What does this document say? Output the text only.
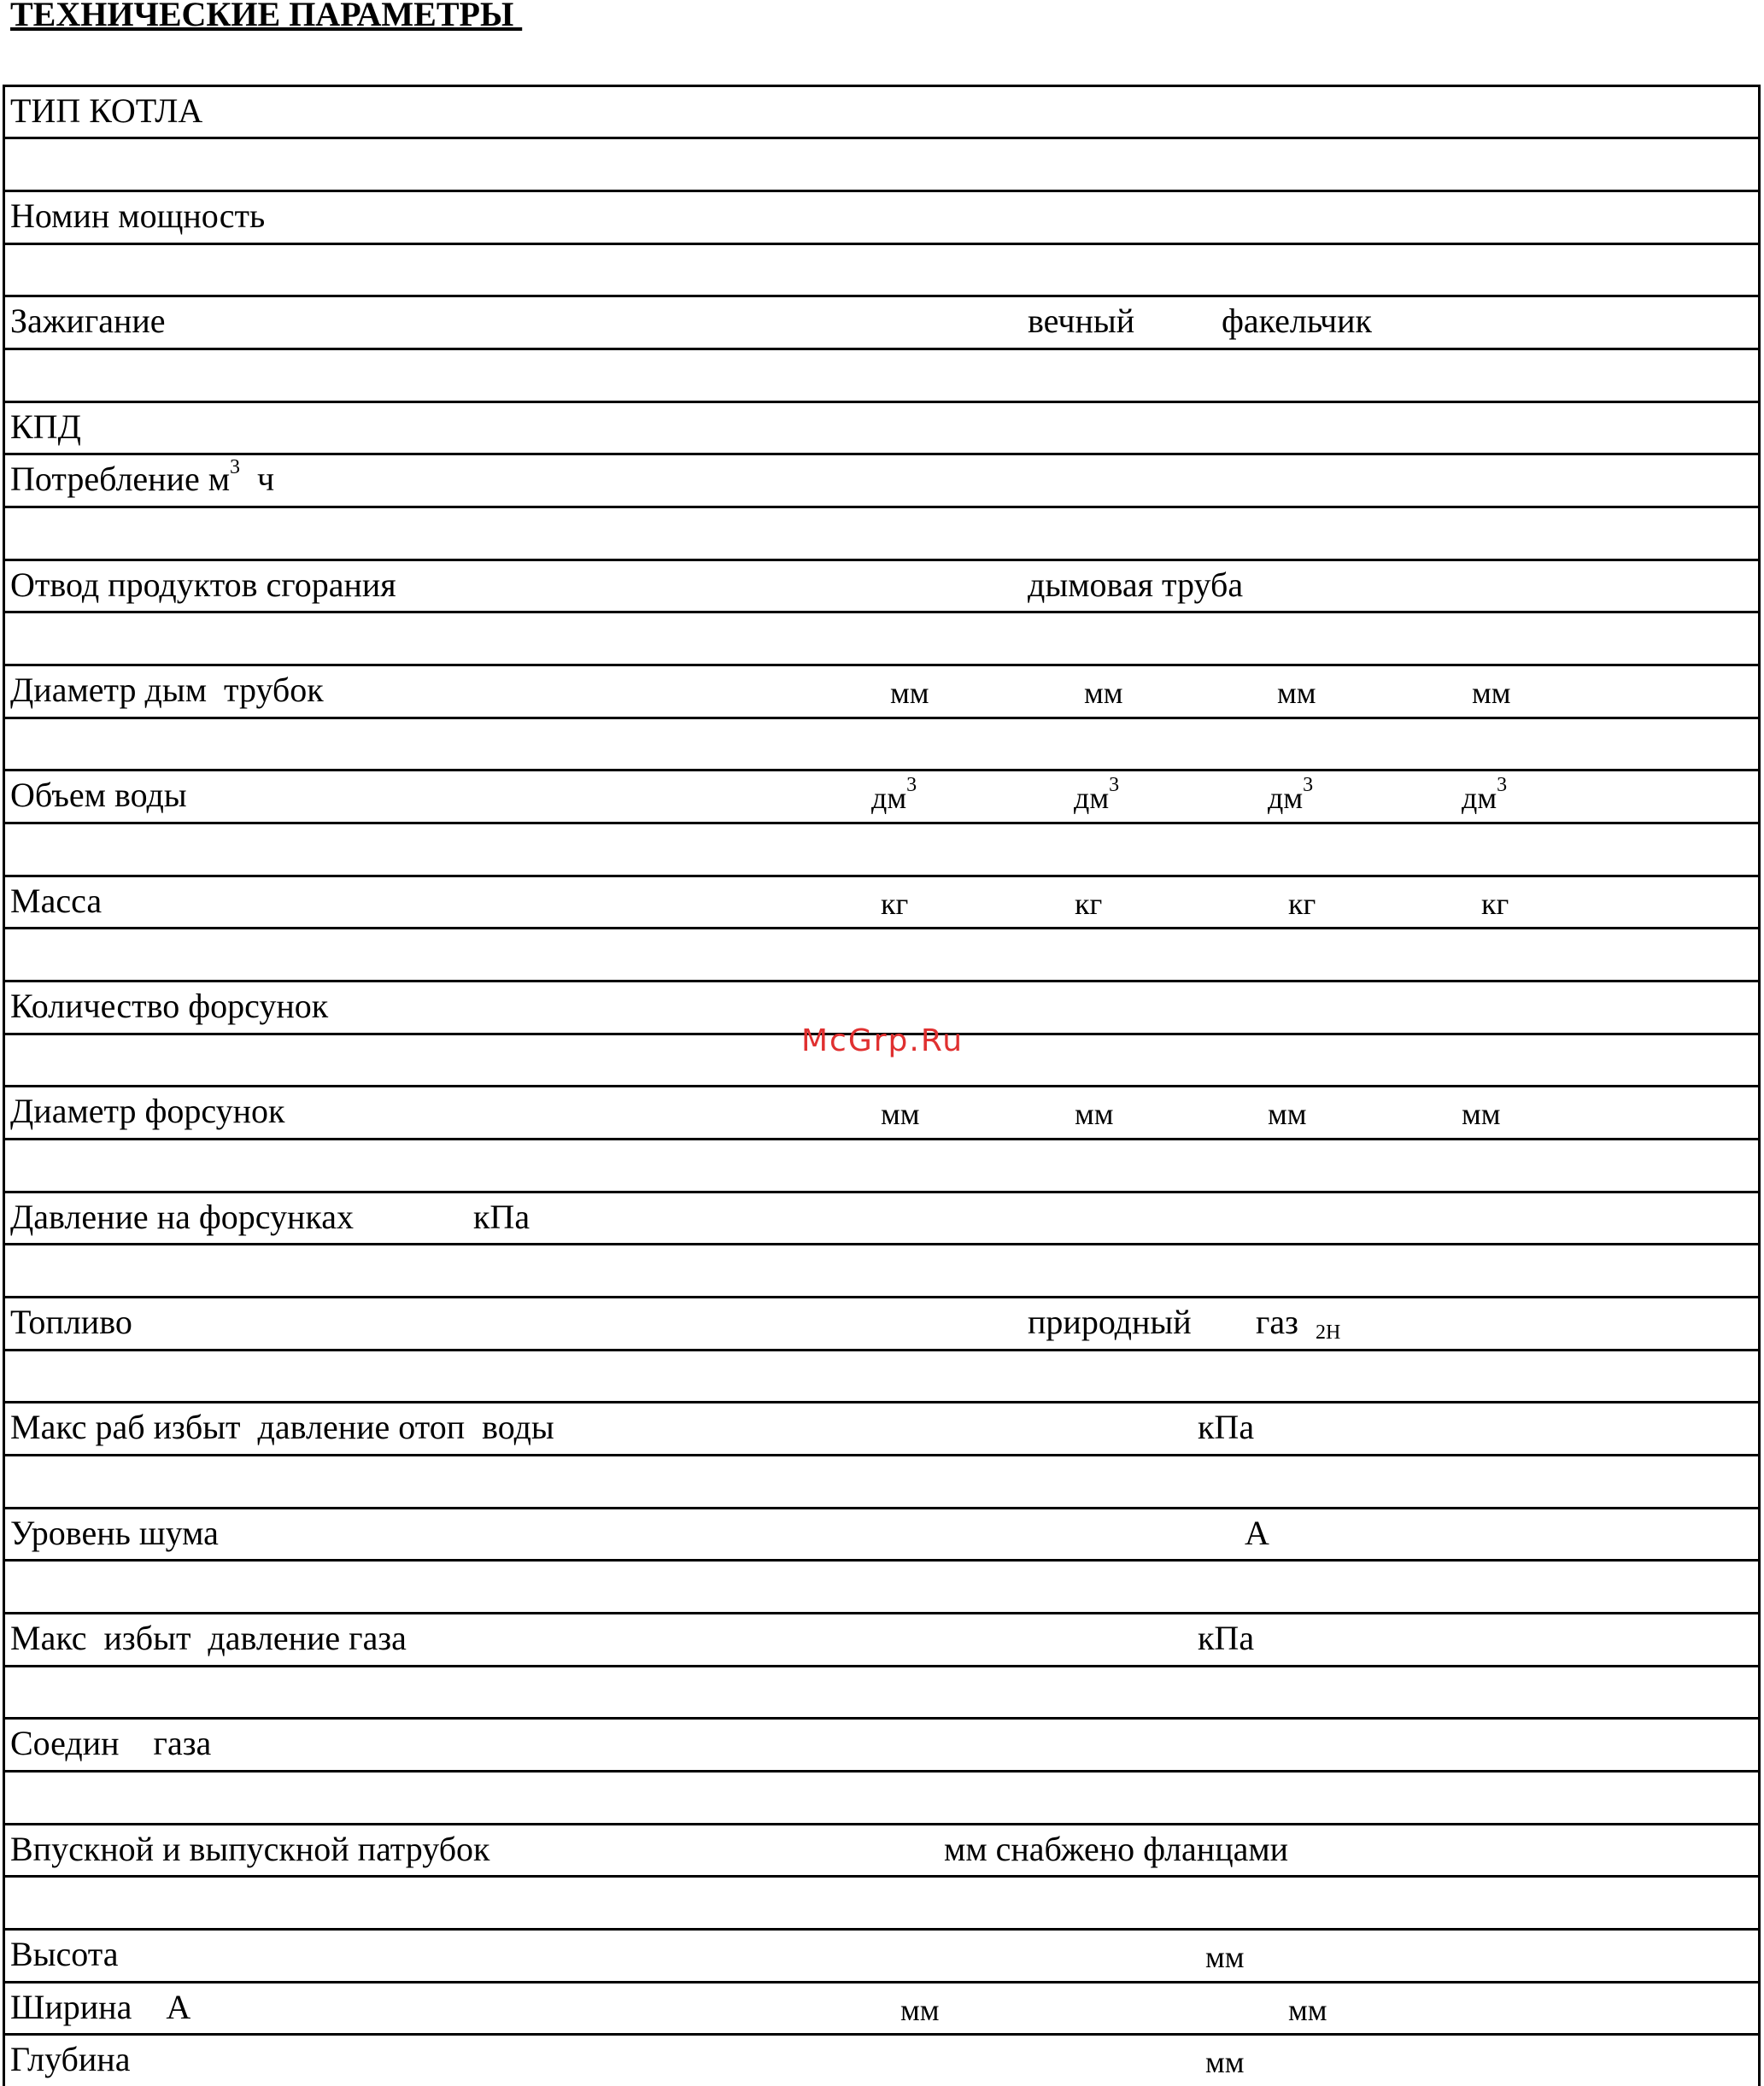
ТЕХНИЧЕСКИЕ ПАРАМЕТРЫ
ТИП КОТЛА
Номин мощность
Зажигание	вечный	факельчик
КПД
Потребление $м^3$ ч
Отвод продуктов сгорания	дымовая труба
Диаметр дым  трубок	мм	мм	мм	мм
Объем воды	$дм^3$	$дм^3$	$дм^3$	$дм^3$
Масса	кг	кг	кг	кг
Количество форсунок
McGrp.Ru
Диаметр форсунок	мм	мм	мм	мм
Давление на форсунках	кПа
Топливо	природный газ $_{2H}$
Макс раб избыт  давление отоп  воды	кПа
Уровень шума	A
Макс  избыт  давление газа	кПа
Соедин    газа
Впускной и выпускной патрубок	мм снабжено фланцами
Высота	мм
Ширина    A	мм	мм
Глубина	мм
